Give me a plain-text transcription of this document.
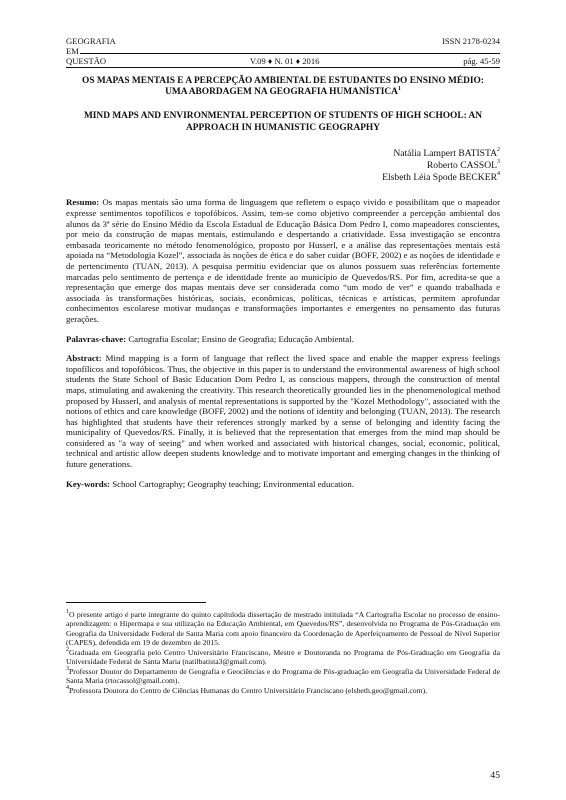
GEOGRAFIA	ISSN 2178-0234
EM
QUESTÃO	V.09 ♦ N. 01 ♦ 2016	pág. 45-59
OS MAPAS MENTAIS E A PERCEPÇÃO AMBIENTAL DE ESTUDANTES DO ENSINO MÉDIO: UMA ABORDAGEM NA GEOGRAFIA HUMANÍSTICA$^1$
MIND MAPS AND ENVIRONMENTAL PERCEPTION OF STUDENTS OF HIGH SCHOOL: AN APPROACH IN HUMANISTIC GEOGRAPHY
Natália Lampert BATISTA$^2$
Roberto CASSOL$^3$
Elsbeth Léia Spode BECKER$^4$
Resumo: Os mapas mentais são uma forma de linguagem que refletem o espaço vivido e possibilitam que o mapeador expresse sentimentos topofílicos e topofóbicos. Assim, tem-se como objetivo compreender a percepção ambiental dos alunos da 3ª série do Ensino Médio da Escola Estadual de Educação Básica Dom Pedro I, como mapeadores conscientes, por meio da construção de mapas mentais, estimulando e despertando a criatividade. Essa investigação se encontra embasada teoricamente no método fenomenológico, proposto por Husserl, e a análise das representações mentais está apoiada na “Metodologia Kozel”, associada às noções de ética e do saber cuidar (BOFF, 2002) e as noções de identidade e de pertencimento (TUAN, 2013). A pesquisa permitiu evidenciar que os alunos possuem suas referências fortemente marcadas pelo sentimento de pertença e de identidade frente ao município de Quevedos/RS. Por fim, acredita-se que a representação que emerge dos mapas mentais deve ser considerada como “um modo de ver” e quando trabalhada e associada às transformações históricas, sociais, econômicas, políticas, técnicas e artísticas, permitem aprofundar conhecimentos escolarese motivar mudanças e transformações importantes e emergentes no pensamento das futuras gerações.
Palavras-chave: Cartografia Escolar; Ensino de Geografia; Educação Ambiental.
Abstract: Mind mapping is a form of language that reflect the lived space and enable the mapper express feelings topofílicos and topofóbicos. Thus, the objective in this paper is to understand the environmental awareness of high school students the State School of Basic Education Dom Pedro I, as conscious mappers, through the construction of mental maps, stimulating and awakening the creativity. This research theoretically grounded lies in the phenomenological method proposed by Husserl, and analysis of mental representations is supported by the "Kozel Methodology", associated with the notions of ethics and care knowledge (BOFF, 2002) and the notions of identity and belonging (TUAN, 2013). The research has highlighted that students have their references strongly marked by a sense of belonging and identity facing the municipality of Quevedos/RS. Finally, it is believed that the representation that emerges from the mind map should be considered as "a way of seeing" and when worked and associated with historical changes, social, economic, political, technical and artistic allow deepen students knowledge and to motivate important and emerging changes in the thinking of future generations.
Key-words: School Cartography; Geography teaching; Environmental education.
$^1$O presente artigo é parte integrante do quinto capítuloda dissertação de mestrado intitulada “A Cartografia Escolar no processo de ensino-aprendizagem: o Hipermapa e sua utilização na Educação Ambiental, em Quevedos/RS”, desenvolvida no Programa de Pós-Graduação em Geografia da Universidade Federal de Santa Maria com apoio financeiro da Coordenação de Aperfeiçoamento de Pessoal de Nível Superior (CAPES), defendida em 19 de dezembro de 2015.
$^2$Graduada em Geografia pelo Centro Universitário Franciscano, Mestre e Doutoranda no Programa de Pós-Graduação em Geografia da Universidade Federal de Santa Maria (natilbatista3@gmail.com).
$^3$Professor Doutor do Departamento de Geografia e Geociências e do Programa de Pós-graduação em Geografia da Universidade Federal de Santa Maria (rtocassol@gmail.com).
$^4$Professora Doutora do Centro de Ciências Humanas do Centro Universitário Franciscano (elsbeth.geo@gmail.com).
45
